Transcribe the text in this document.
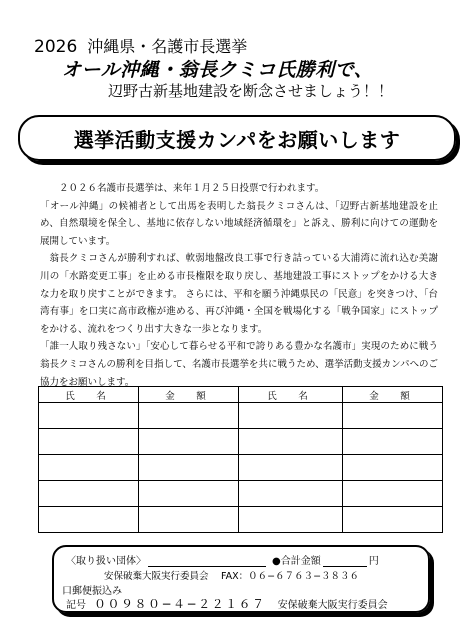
2026 沖縄県・名護市長選挙
オール沖縄・翁長クミコ氏勝利で、
辺野古新基地建設を断念させましょう！！
選挙活動支援カンパをお願いします

２０２６名護市長選挙は、来年１月２５日投票で行われます。

「オール沖縄」の候補者として出馬を表明した翁長クミコさんは、「辺野古新基地建設を止め、自然環境を保全し、基地に依存しない地域経済循環を」と訴え、勝利に向けての運動を展開しています。

翁長クミコさんが勝利すれば、軟弱地盤改良工事で行き詰っている大浦湾に流れ込む美謝川の「水路変更工事」を止める市長権限を取り戻し、基地建設工事にストップをかける大きな力を取り戻すことができます。 さらには、平和を願う沖縄県民の「民意」を突きつけ、「台湾有事」を口実に高市政権が進める、再び沖縄・全国を戦場化する「戦争国家」にストップをかける、流れをつくり出す大きな一歩となります。

「誰一人取り残さない」「安心して暮らせる平和で誇りある豊かな名護市」実現のために戦う翁長クミコさんの勝利を目指して、名護市長選挙を共に戦うため、選挙活動支援カンパへのご協力をお願いします。

氏　名	金　額	氏　名	金　額

〈取り扱い団体〉	●合計金額	円
安保破棄大阪実行委員会　 FAX：０６−６７６３−３８３６
口郵便振込み
記号 ００９８０−４−２２１６７ 安保破棄大阪実行委員会
